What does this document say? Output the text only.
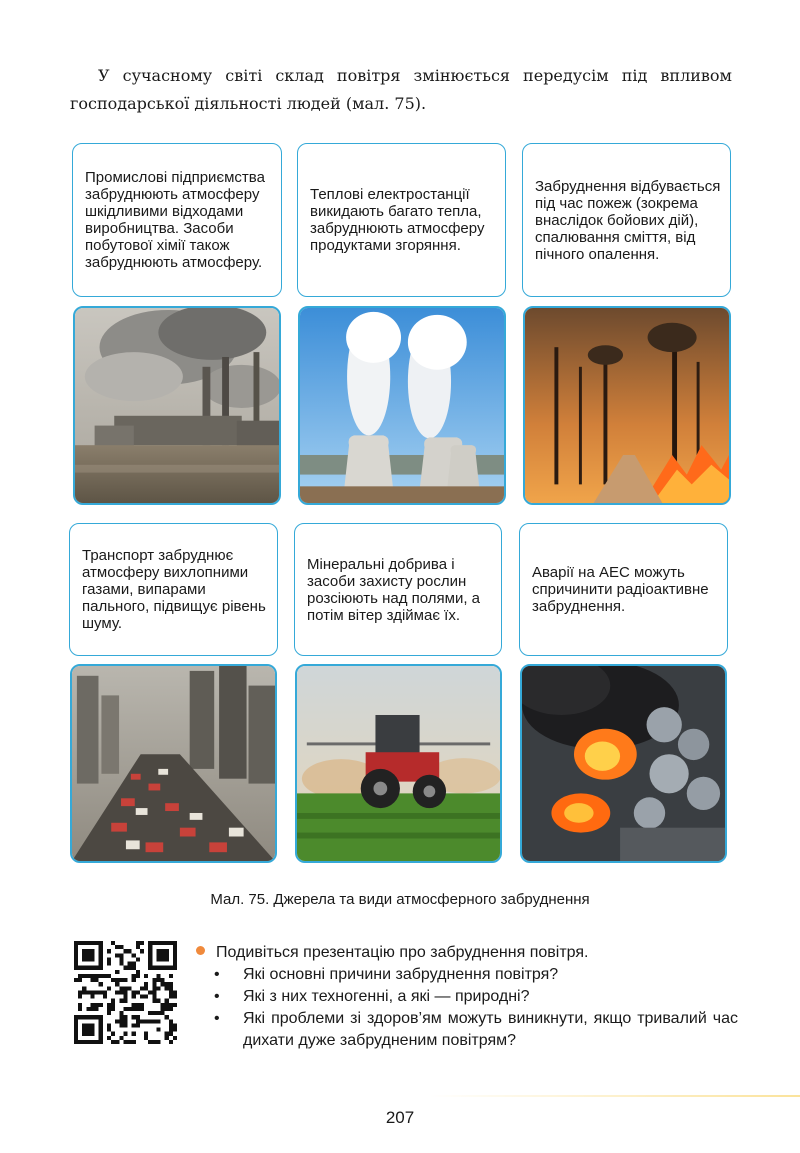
У сучасному світі склад повітря змінюється передусім під впливом господарської діяльності людей (мал. 75).

Промислові підприємства забруднюють атмосферу шкідливими відходами виробництва. Засоби побутової хімії також забруднюють атмосферу.

Теплові електростанції викидають багато тепла, забруднюють атмосферу продуктами згоряння.

Забруднення відбувається під час пожеж (зокрема внаслідок бойових дій), спалювання сміття, від пічного опалення.

Транспорт забруднює атмосферу вихлопними газами, випарами пального, підвищує рівень шуму.

Мінеральні добрива і засоби захисту рослин розсіюють над полями, а потім вітер здіймає їх.

Аварії на АЕС можуть спричинити радіоактивне забруднення.

Мал. 75. Джерела та види атмосферного забруднення

Подивіться презентацію про забруднення повітря.

• Які основні причини забруднення повітря?
• Які з них техногенні, а які — природні?
• Які проблеми зі здоров’ям можуть виникнути, якщо тривалий час дихати дуже забрудненим повітрям?

207
